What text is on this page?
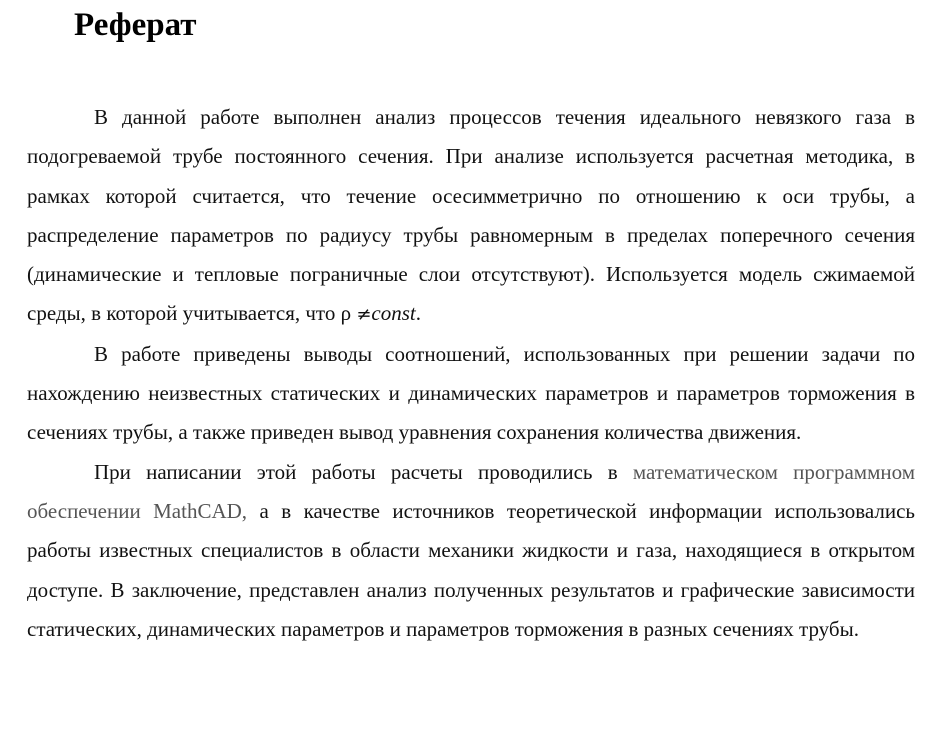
Реферат

В данной работе выполнен анализ процессов течения идеального невязкого газа в подогреваемой трубе постоянного сечения. При анализе используется расчетная методика, в рамках которой считается, что течение осесимметрично по отношению к оси трубы, а распределение параметров по радиусу трубы равномерным в пределах поперечного сечения (динамические и тепловые пограничные слои отсутствуют). Используется модель сжимаемой среды, в которой учитывается, что ρ ≠const.

В работе приведены выводы соотношений, использованных при решении задачи по нахождению неизвестных статических и динамических параметров и параметров торможения в сечениях трубы, а также приведен вывод уравнения сохранения количества движения.

При написании этой работы расчеты проводились в математическом программном обеспечении MathCAD, а в качестве источников теоретической информации использовались работы известных специалистов в области механики жидкости и газа, находящиеся в открытом доступе. В заключение, представлен анализ полученных результатов и графические зависимости статических, динамических параметров и параметров торможения в разных сечениях трубы.
